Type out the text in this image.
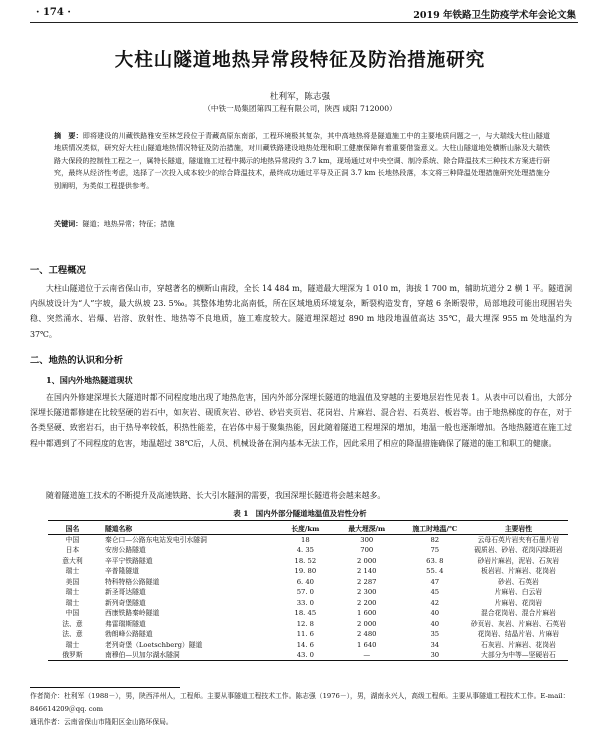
· 174 ·	2019 年铁路卫生防疫学术年会论文集
大柱山隧道地热异常段特征及防治措施研究
杜利军，陈志强
（中铁一局集团第四工程有限公司，陕西 咸阳 712000）

摘　要：即将建设的川藏铁路雅安至林芝段位于青藏高原东南部，工程环境极其复杂，其中高地热将是隧道施工中的主要地质问题之一，与大瑞线大柱山隧道地质情况类似，研究好大柱山隧道地热情况特征及防治措施，对川藏铁路建设地热处理和职工健康保障有着重要借鉴意义。大柱山隧道地处横断山脉及大瑞铁路大保段的控制性工程之一，属特长隧道，隧道施工过程中揭示的地热异常段约 3.7 km，现场通过对中央空调、制冷系统、除合降温技术三种技术方案进行研究，最终从经济性考虑，选择了一次投入成本较少的综合降温技术，最终成功通过平导及正洞 3.7 km 长地热段落，本文将三种降温处理措施研究处理措施分别阐明，为类似工程提供参考。

关键词：隧道；地热异常；特征；措施
一、工程概况

大柱山隧道位于云南省保山市，穿越著名的横断山南段，全长 14 484 m，隧道最大埋深为 1 010 m，海拔 1 700 m，辅助坑道分 2 横 1 平。隧道洞内纵坡设计为“人”字坡，最大纵坡 23. 5‰。其整体地势北高南低，所在区域地质环境复杂，断裂构造发育，穿越 6 条断裂带，局部地段可能出现围岩失稳、突然涌水、岩爆、岩溶、放射性、地热等不良地质，施工难度较大。隧道埋深超过 890 m 地段地温值高达 35℃，最大埋深 955 m 处地温约为 37℃。

二、地热的认识和分析
1、国内外地热隧道现状

在国内外修建深埋长大隧道时都不同程度地出现了地热危害，国内外部分深埋长隧道的地温值及穿越的主要地层岩性见表 1。从表中可以看出，大部分深埋长隧道都修建在比较坚硬的岩石中，如灰岩、砚质灰岩、砂岩、砂岩夹页岩、花岗岩、片麻岩、混合岩、石英岩、板岩等。由于地热梯度的存在，对于各类坚硬、致密岩石，由于热导率较低，积热性能差，在岩体中易于聚集热能，因此随着隧道工程埋深的增加，地温一般也逐渐增加。各地热隧道在施工过程中都遇到了不同程度的危害，地温超过 38℃后，人员、机械设备在洞内基本无法工作，因此采用了相应的降温措施确保了隧道的施工和职工的健康。

随着隧道施工技术的不断提升及高速铁路、长大引水隧洞的需要，我国深埋长隧道将会越来越多。

表 1　国内外部分隧道地温值及岩性分析
国名	隧道名称	长度/km	最大埋深/m	施工时地温/℃	主要岩性
中国	秦仑口—公路东电站发电引水隧洞	18	300	82	云母石英片岩夹有石墨片岩
日本	安房公路隧道	4. 35	700	75	砚质岩、砂岩、花岗闪绿斑岩
意大利	辛平宁铁路隧道	18. 52	2 000	63. 8	砂岩片麻岩，泥岩、石灰岩
瑞士	辛普隆隧道	19. 80	2 140	55. 4	板岩岩、片麻岩、花岗岩
美国	特科特格公路隧道	6. 40	2 287	47	砂岩、石英岩
瑞士	新圣哥达隧道	57. 0	2 300	45	片麻岩、白云岩
瑞士	新列奇堡隧道	33. 0	2 200	42	片麻岩、花岗岩
中国	西康铁路秦岭隧道	18. 45	1 600	40	混合花岗岩、混合片麻岩
法、意	弗雷瑞斯隧道	12. 8	2 000	40	砂页岩、灰岩、片麻岩、石英岩
法、意	勃朗峰公路隧道	11. 6	2 480	35	花岗岩、结晶片岩、片麻岩
瑞士	老列奇堡（Loetschberg）隧道	14. 6	1 640	34	石灰岩、片麻岩、花岗岩
俄罗斯	南穆伯—贝加尔湖水隧洞	43. 0	—	30	大部分为中等—坚硬岩石

作者简介：杜利军（1988－），男，陕西洋州人，工程师。主要从事隧道工程技术工作。陈志强（1976－），男，湖南永兴人，高级工程师。主要从事隧道工程技术工作。E-mail：846614209＠qq. com

通讯作者：云南省保山市隆阳区金山路环保局。
